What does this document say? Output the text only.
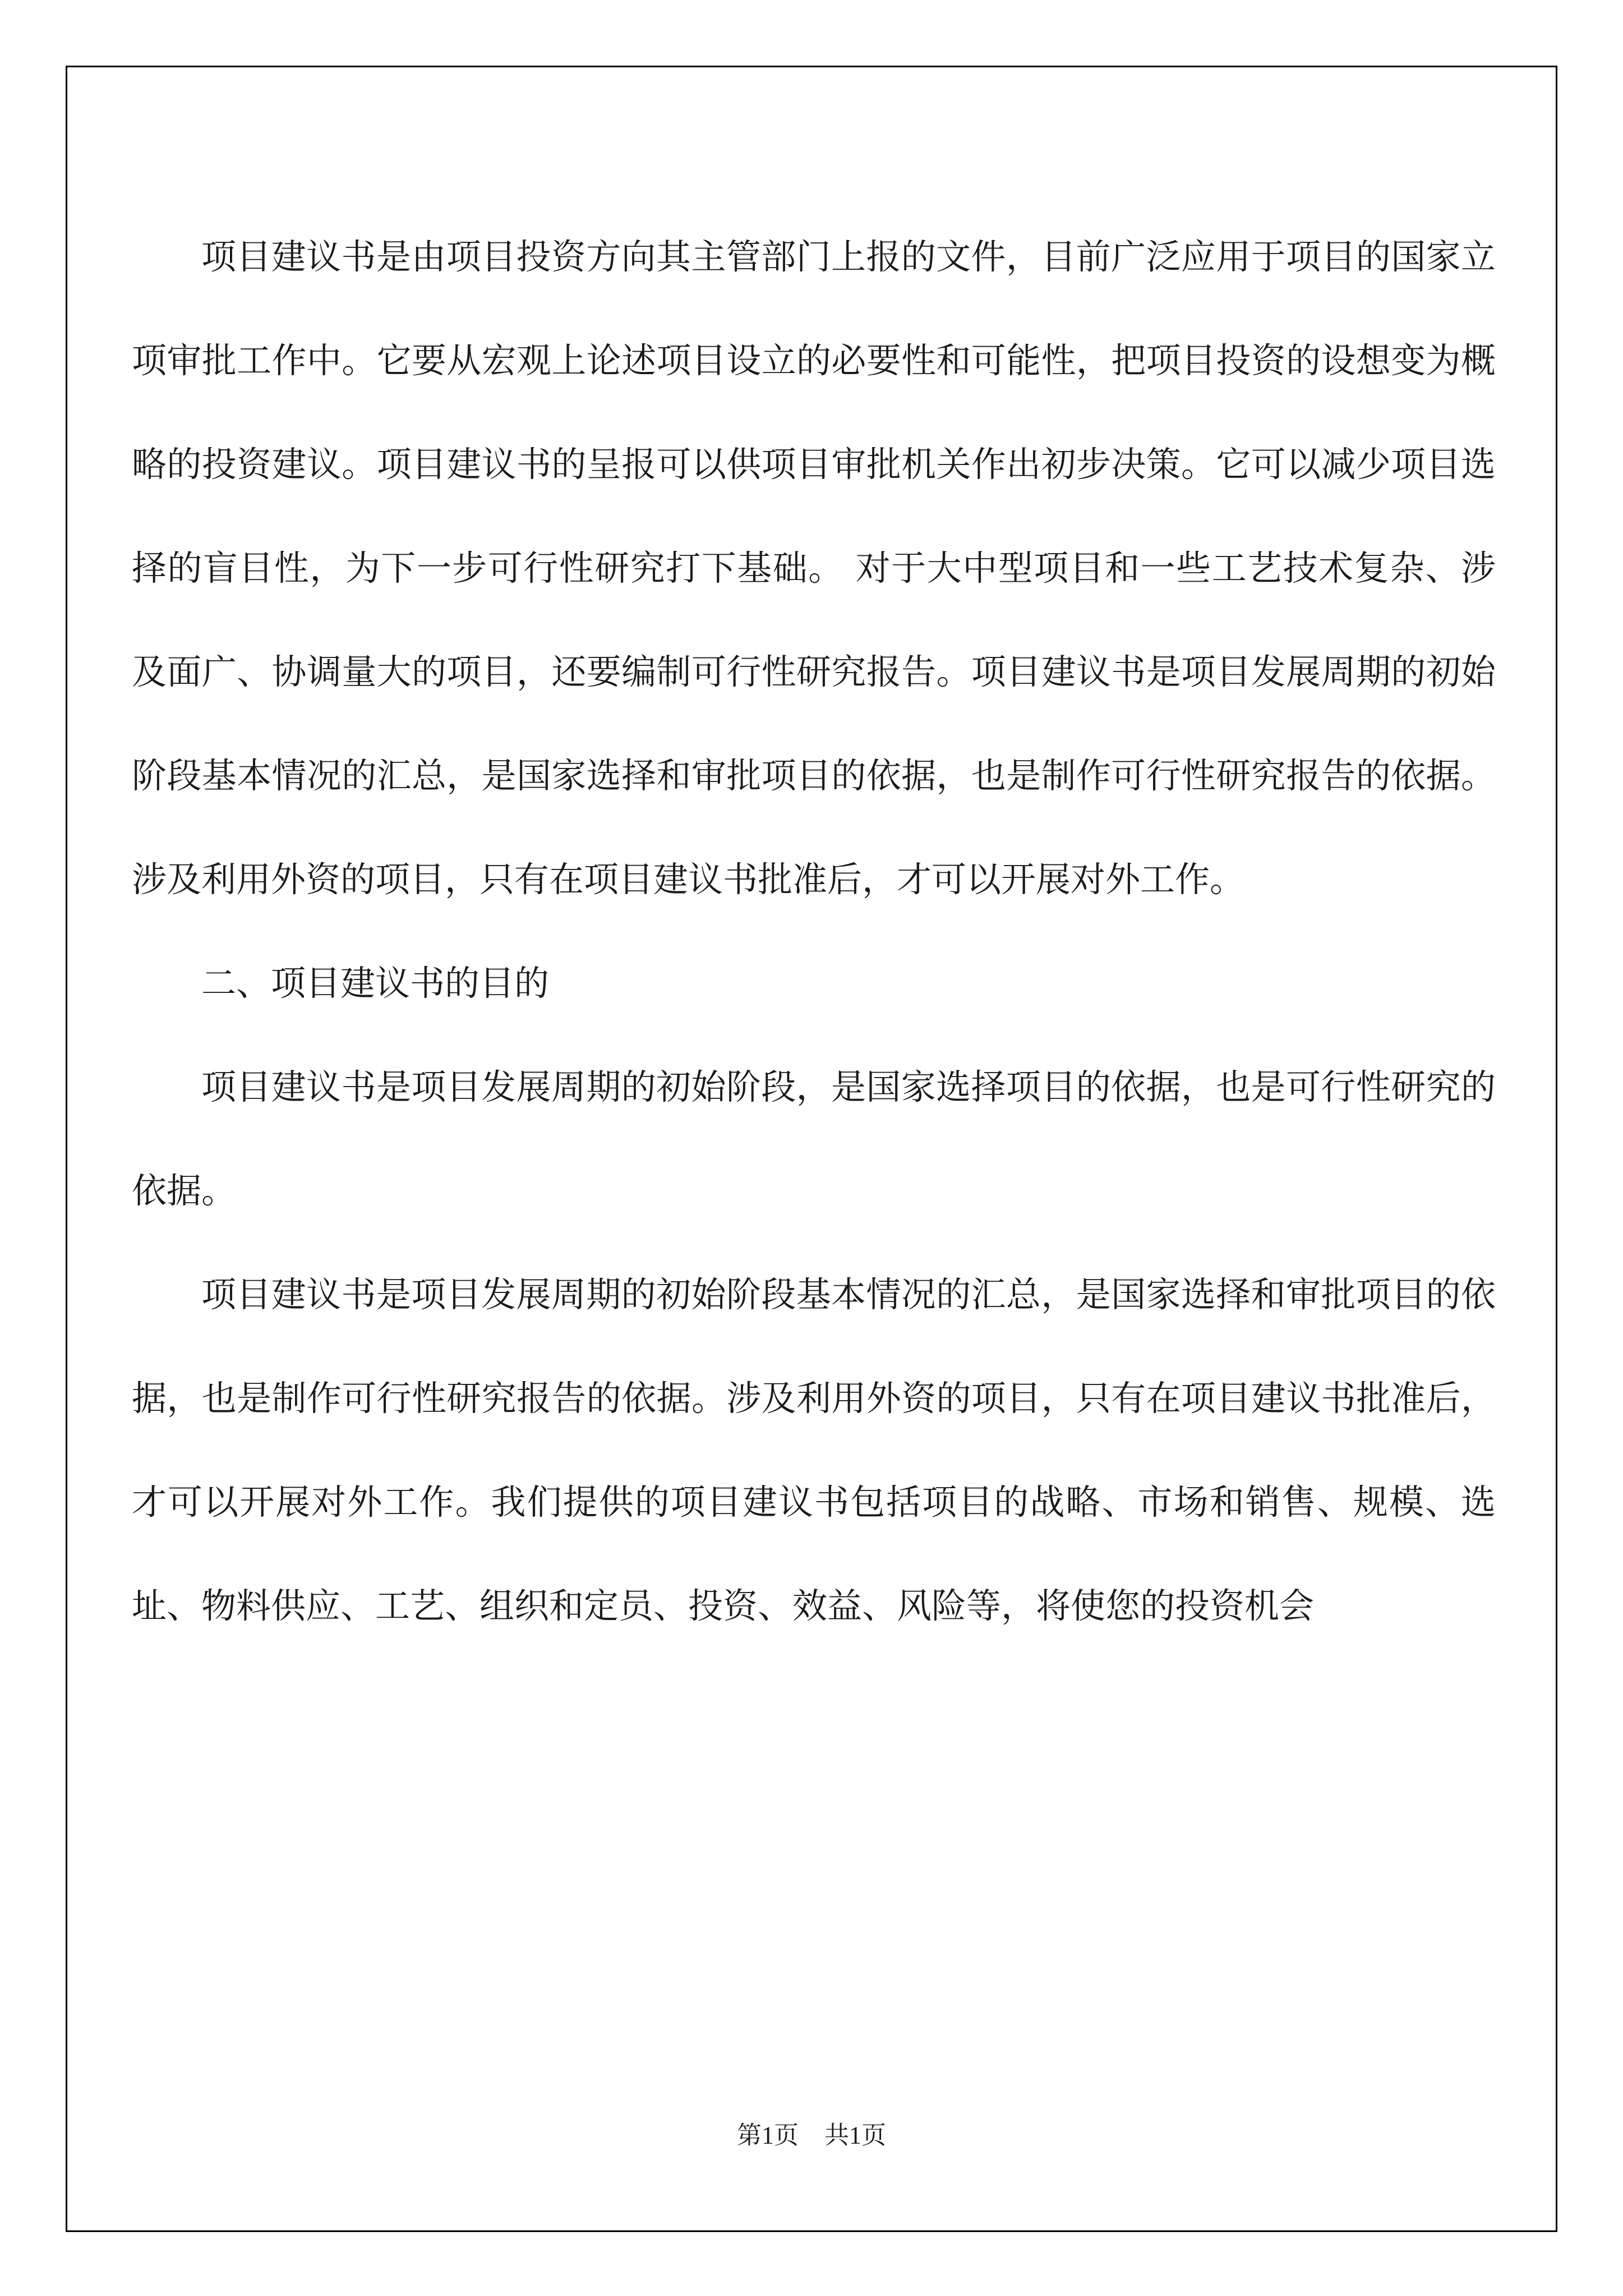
项目建议书是由项目投资方向其主管部门上报的文件，目前广泛应用于项目的国家立项审批工作中。它要从宏观上论述项目设立的必要性和可能性，把项目投资的设想变为概略的投资建议。项目建议书的呈报可以供项目审批机关作出初步决策。它可以减少项目选择的盲目性，为下一步可行性研究打下基础。 对于大中型项目和一些工艺技术复杂、涉及面广、协调量大的项目，还要编制可行性研究报告。项目建议书是项目发展周期的初始阶段基本情况的汇总，是国家选择和审批项目的依据，也是制作可行性研究报告的依据。涉及利用外资的项目，只有在项目建议书批准后，才可以开展对外工作。

二、项目建议书的目的

项目建议书是项目发展周期的初始阶段，是国家选择项目的依据，也是可行性研究的依据。

项目建议书是项目发展周期的初始阶段基本情况的汇总，是国家选择和审批项目的依据，也是制作可行性研究报告的依据。涉及利用外资的项目，只有在项目建议书批准后，才可以开展对外工作。我们提供的项目建议书包括项目的战略、市场和销售、规模、选址、物料供应、工艺、组织和定员、投资、效益、风险等，将使您的投资机会

第1页 共1页
